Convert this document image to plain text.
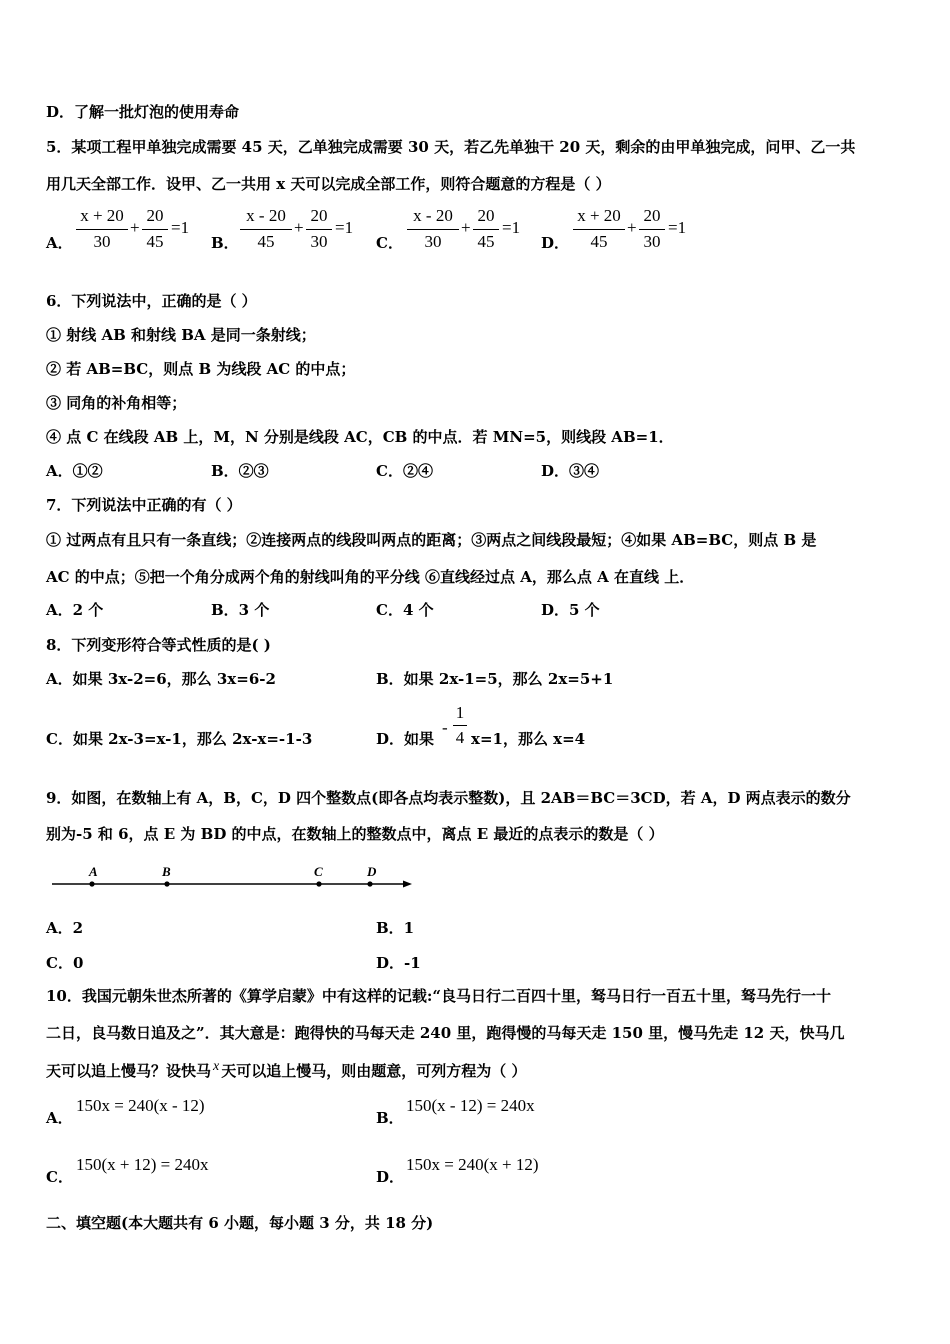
D．了解一批灯泡的使用寿命
5．某项工程甲单独完成需要 45 天，乙单独完成需要 30 天，若乙先单独干 20 天，剩余的由甲单独完成，问甲、乙一共
用几天全部工作．设甲、乙一共用 x 天可以完成全部工作，则符合题意的方程是（ ）
A．
x + 20
30
+
20
45
=1
B．
x - 20
45
+
20
30
=1
C．
x - 20
30
+
20
45
=1
D．
x + 20
45
+
20
30
=1
6．下列说法中，正确的是（ ）
① 射线 AB 和射线 BA 是同一条射线；
② 若 AB=BC，则点 B 为线段 AC 的中点；
③ 同角的补角相等；
④ 点 C 在线段 AB 上，M，N 分别是线段 AC，CB 的中点．若 MN=5，则线段 AB=1．
A．①②	B．②③	C．②④	D．③④
7．下列说法中正确的有（ ）
① 过两点有且只有一条直线；②连接两点的线段叫两点的距离；③两点之间线段最短；④如果 AB=BC，则点 B 是
AC 的中点；⑤把一个角分成两个角的射线叫角的平分线 ⑥直线经过点 A，那么点 A 在直线 上．
A．2 个	B．3 个	C．4 个	D．5 个
8．下列变形符合等式性质的是( )
A．如果 3x-2=6，那么 3x=6-2	B．如果 2x-1=5，那么 2x=5+1
C．如果 2x-3=x-1，那么 2x-x=-1-3	D．如果
-
1
4 x=1，那么 x=4
9．如图，在数轴上有 A，B，C，D 四个整数点(即各点均表示整数)，且 2AB＝BC＝3CD，若 A，D 两点表示的数分
别为-5 和 6，点 E 为 BD 的中点，在数轴上的整数点中，离点 E 最近的点表示的数是（ ）
A	B	C	D
A．2	B．1
C．0	D．-1
10．我国元朝朱世杰所著的《算学启蒙》中有这样的记载:“良马日行二百四十里，驽马日行一百五十里，驽马先行一十
二日，良马数日追及之”．其大意是：跑得快的马每天走 240 里，跑得慢的马每天走 150 里，慢马先走 12 天，快马几
天可以追上慢马？设快马 x 天可以追上慢马，则由题意，可列方程为（ ）
A．
150x = 240(x - 12)
B．
150(x - 12) = 240x
C．
150(x + 12) = 240x
D．
150x = 240(x + 12)
二、填空题(本大题共有 6 小题，每小题 3 分，共 18 分)
